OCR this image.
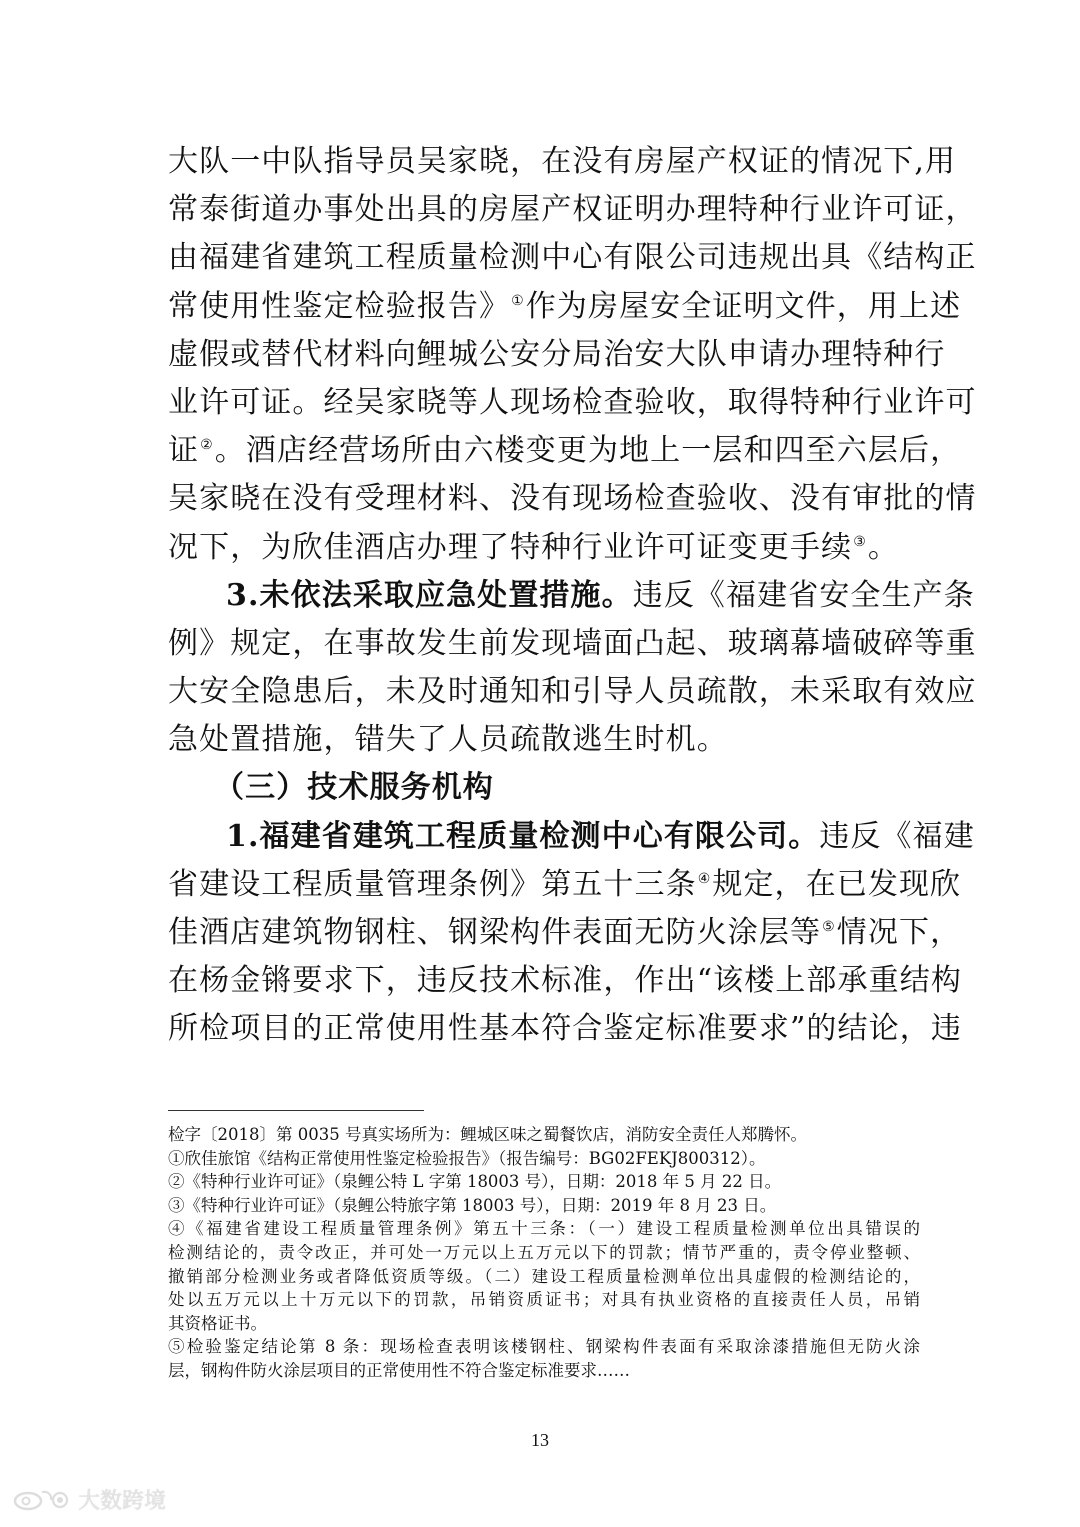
大队一中队指导员吴家晓，在没有房屋产权证的情况下,用
常泰街道办事处出具的房屋产权证明办理特种行业许可证，
由福建省建筑工程质量检测中心有限公司违规出具《结构正
常使用性鉴定检验报告》①作为房屋安全证明文件，用上述
虚假或替代材料向鲤城公安分局治安大队申请办理特种行
业许可证。经吴家晓等人现场检查验收，取得特种行业许可
证②。酒店经营场所由六楼变更为地上一层和四至六层后，
吴家晓在没有受理材料、没有现场检查验收、没有审批的情
况下，为欣佳酒店办理了特种行业许可证变更手续③。
3.未依法采取应急处置措施。违反《福建省安全生产条
例》规定，在事故发生前发现墙面凸起、玻璃幕墙破碎等重
大安全隐患后，未及时通知和引导人员疏散，未采取有效应
急处置措施，错失了人员疏散逃生时机。
（三）技术服务机构
1.福建省建筑工程质量检测中心有限公司。违反《福建
省建设工程质量管理条例》第五十三条④规定，在已发现欣
佳酒店建筑物钢柱、钢梁构件表面无防火涂层等⑤情况下，
在杨金锵要求下，违反技术标准，作出“该楼上部承重结构
所检项目的正常使用性基本符合鉴定标准要求”的结论，违
检字〔2018〕第 0035 号真实场所为：鲤城区味之蜀餐饮店，消防安全责任人郑腾怀。
①欣佳旅馆《结构正常使用性鉴定检验报告》（报告编号：BG02FEKJ800312）。
②《特种行业许可证》（泉鲤公特 L 字第 18003 号），日期：2018 年 5 月 22 日。
③《特种行业许可证》（泉鲤公特旅字第 18003 号），日期：2019 年 8 月 23 日。
④《福建省建设工程质量管理条例》第五十三条：（一）建设工程质量检测单位出具错误的
检测结论的，责令改正，并可处一万元以上五万元以下的罚款；情节严重的，责令停业整顿、
撤销部分检测业务或者降低资质等级。（二）建设工程质量检测单位出具虚假的检测结论的，
处以五万元以上十万元以下的罚款，吊销资质证书；对具有执业资格的直接责任人员，吊销
其资格证书。
⑤检验鉴定结论第 8 条：现场检查表明该楼钢柱、钢梁构件表面有采取涂漆措施但无防火涂
层，钢构件防火涂层项目的正常使用性不符合鉴定标准要求……
13
大数跨境
